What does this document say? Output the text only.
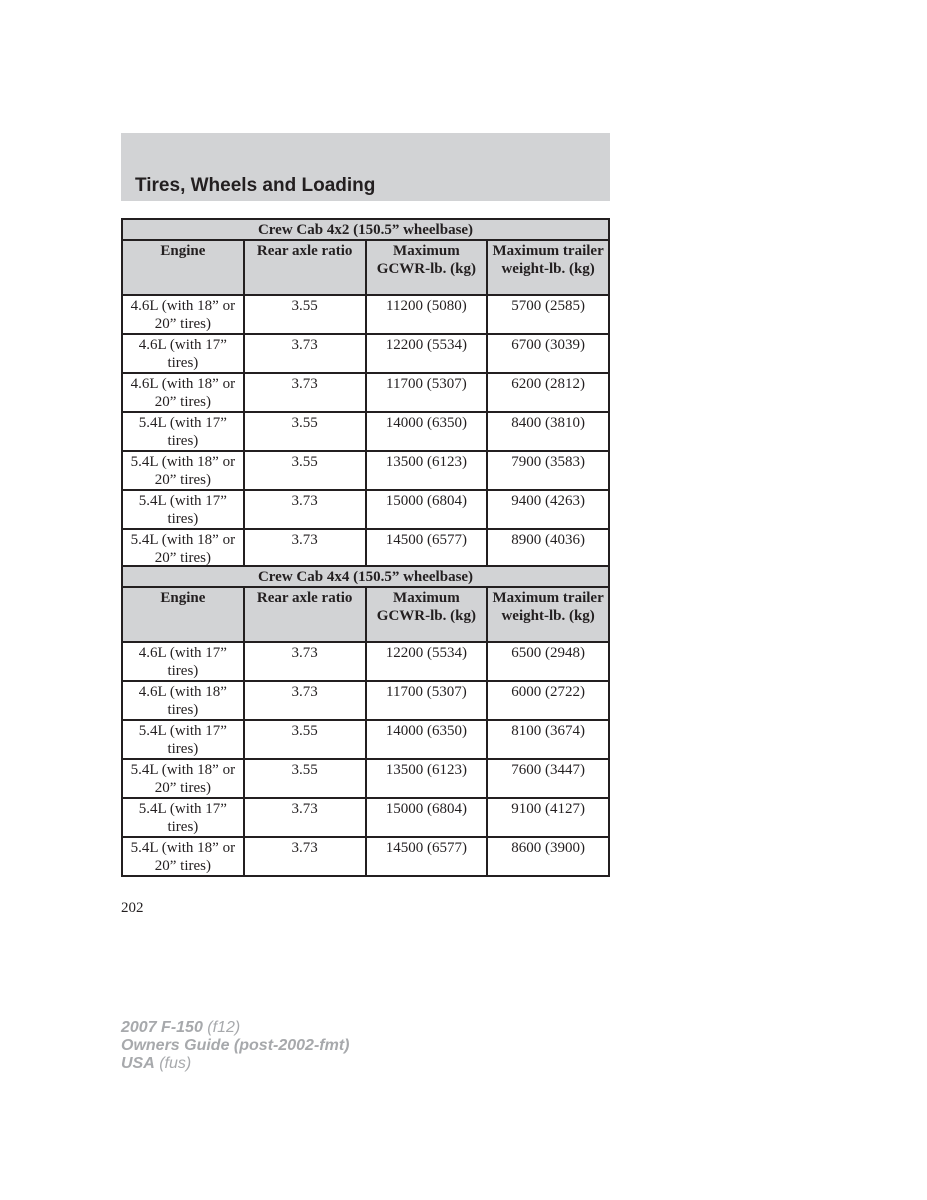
Tires, Wheels and Loading
Crew Cab 4x2 (150.5” wheelbase)			
Engine	Rear axle ratio	Maximum GCWR-lb. (kg)	Maximum trailer weight-lb. (kg)
4.6L (with 18” or 20” tires)	3.55	11200 (5080)	5700 (2585)
4.6L (with 17” tires)	3.73	12200 (5534)	6700 (3039)
4.6L (with 18” or 20” tires)	3.73	11700 (5307)	6200 (2812)
5.4L (with 17” tires)	3.55	14000 (6350)	8400 (3810)
5.4L (with 18” or 20” tires)	3.55	13500 (6123)	7900 (3583)
5.4L (with 17” tires)	3.73	15000 (6804)	9400 (4263)
5.4L (with 18” or 20” tires)	3.73	14500 (6577)	8900 (4036)
Crew Cab 4x4 (150.5” wheelbase)			
Engine	Rear axle ratio	Maximum GCWR-lb. (kg)	Maximum trailer weight-lb. (kg)
4.6L (with 17” tires)	3.73	12200 (5534)	6500 (2948)
4.6L (with 18” tires)	3.73	11700 (5307)	6000 (2722)
5.4L (with 17” tires)	3.55	14000 (6350)	8100 (3674)
5.4L (with 18” or 20” tires)	3.55	13500 (6123)	7600 (3447)
5.4L (with 17” tires)	3.73	15000 (6804)	9100 (4127)
5.4L (with 18” or 20” tires)	3.73	14500 (6577)	8600 (3900)
202
2007 F-150 (f12)
Owners Guide (post-2002-fmt)
USA (fus)
